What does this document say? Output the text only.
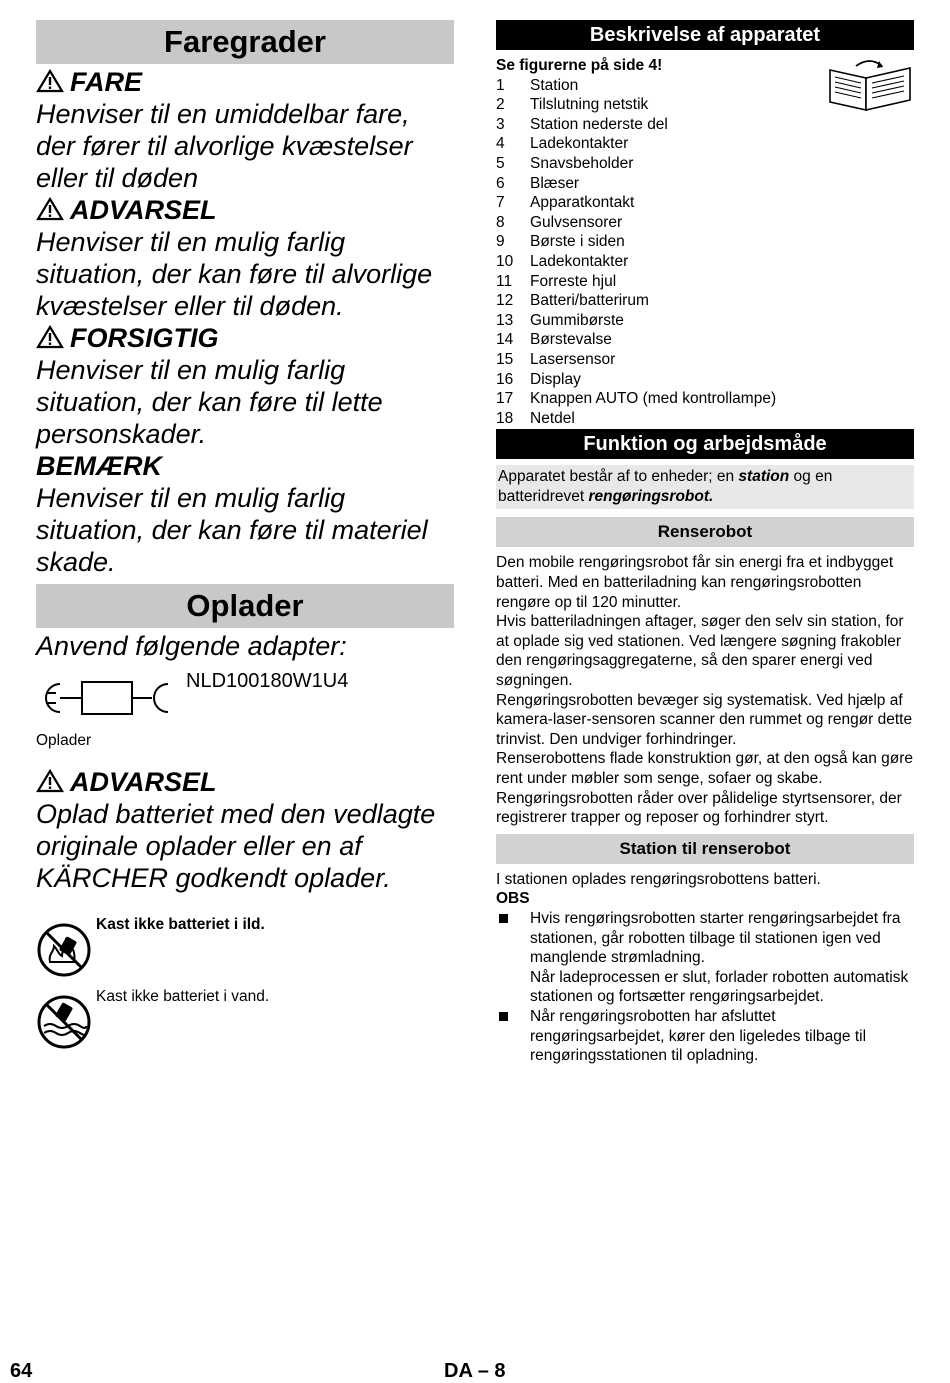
Faregrader
FARE
Henviser til en umiddelbar fare, der fører til alvorlige kvæstelser eller til døden
ADVARSEL
Henviser til en mulig farlig situation, der kan føre til alvorlige kvæstelser eller til døden.
FORSIGTIG
Henviser til en mulig farlig situation, der kan føre til lette personskader.
BEMÆRK
Henviser til en mulig farlig situation, der kan føre til materiel skade.
Oplader
Anvend følgende adapter:
NLD100180W1U4
Oplader
ADVARSEL
Oplad batteriet med den vedlagte originale oplader eller en af KÄRCHER godkendt oplader.
Kast ikke batteriet i ild.
Kast ikke batteriet i vand.
Beskrivelse af apparatet
Se figurerne på side 4!
1	Station
2	Tilslutning netstik
3	Station nederste del
4	Ladekontakter
5	Snavsbeholder
6	Blæser
7	Apparatkontakt
8	Gulvsensorer
9	Børste i siden
10	Ladekontakter
11	Forreste hjul
12	Batteri/batterirum
13	Gummibørste
14	Børstevalse
15	Lasersensor
16	Display
17	Knappen AUTO (med kontrollampe)
18	Netdel
Funktion og arbejdsmåde
Apparatet består af to enheder; en station og en batteridrevet rengøringsrobot.
Renserobot
Den mobile rengøringsrobot får sin energi fra et indbygget batteri. Med en batteriladning kan rengøringsrobotten rengøre op til 120 minutter.
Hvis batteriladningen aftager, søger den selv sin station, for at oplade sig ved stationen. Ved længere søgning frakobler den rengøringsaggregaterne, så den sparer energi ved søgningen.
Rengøringsrobotten bevæger sig systematisk. Ved hjælp af kamera-laser-sensoren scanner den rummet og rengør dette trinvist. Den undviger forhindringer.
Renserobottens flade konstruktion gør, at den også kan gøre rent under møbler som senge, sofaer og skabe.
Rengøringsrobotten råder over pålidelige styrtsensorer, der registrerer trapper og reposer og forhindrer styrt.
Station til renserobot
I stationen oplades rengøringsrobottens batteri.
OBS
Hvis rengøringsrobotten starter rengøringsarbejdet fra stationen, går robotten tilbage til stationen igen ved manglende strømladning.
Når ladeprocessen er slut, forlader robotten automatisk stationen og fortsætter rengøringsarbejdet.
Når rengøringsrobotten har afsluttet rengøringsarbejdet, kører den ligeledes tilbage til rengøringsstationen til opladning.
64	DA – 8
